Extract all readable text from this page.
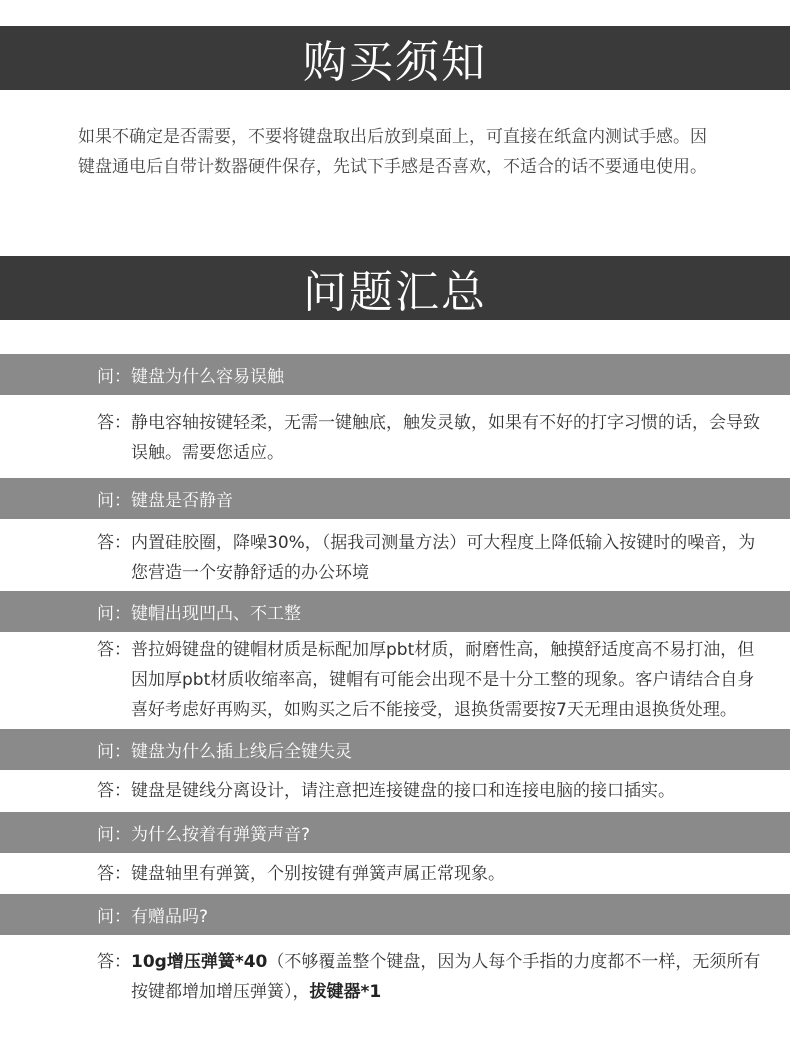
购买须知
如果不确定是否需要，不要将键盘取出后放到桌面上，可直接在纸盒内测试手感。因键盘通电后自带计数器硬件保存，先试下手感是否喜欢，不适合的话不要通电使用。
问题汇总
问： 键盘为什么容易误触
答： 静电容轴按键轻柔，无需一键触底，触发灵敏，如果有不好的打字习惯的话，会导致误触。需要您适应。
问： 键盘是否静音
答： 内置硅胶圈，降噪30%，（据我司测量方法）可大程度上降低输入按键时的噪音，为您营造一个安静舒适的办公环境
问： 键帽出现凹凸、不工整
答： 普拉姆键盘的键帽材质是标配加厚pbt材质，耐磨性高，触摸舒适度高不易打油，但因加厚pbt材质收缩率高，键帽有可能会出现不是十分工整的现象。客户请结合自身喜好考虑好再购买，如购买之后不能接受，退换货需要按7天无理由退换货处理。
问： 键盘为什么插上线后全键失灵
答： 键盘是键线分离设计，请注意把连接键盘的接口和连接电脑的接口插实。
问： 为什么按着有弹簧声音?
答： 键盘轴里有弹簧，个别按键有弹簧声属正常现象。
问： 有赠品吗?
答： 10g增压弹簧*40（不够覆盖整个键盘，因为人每个手指的力度都不一样，无须所有按键都增加增压弹簧），拔键器*1
